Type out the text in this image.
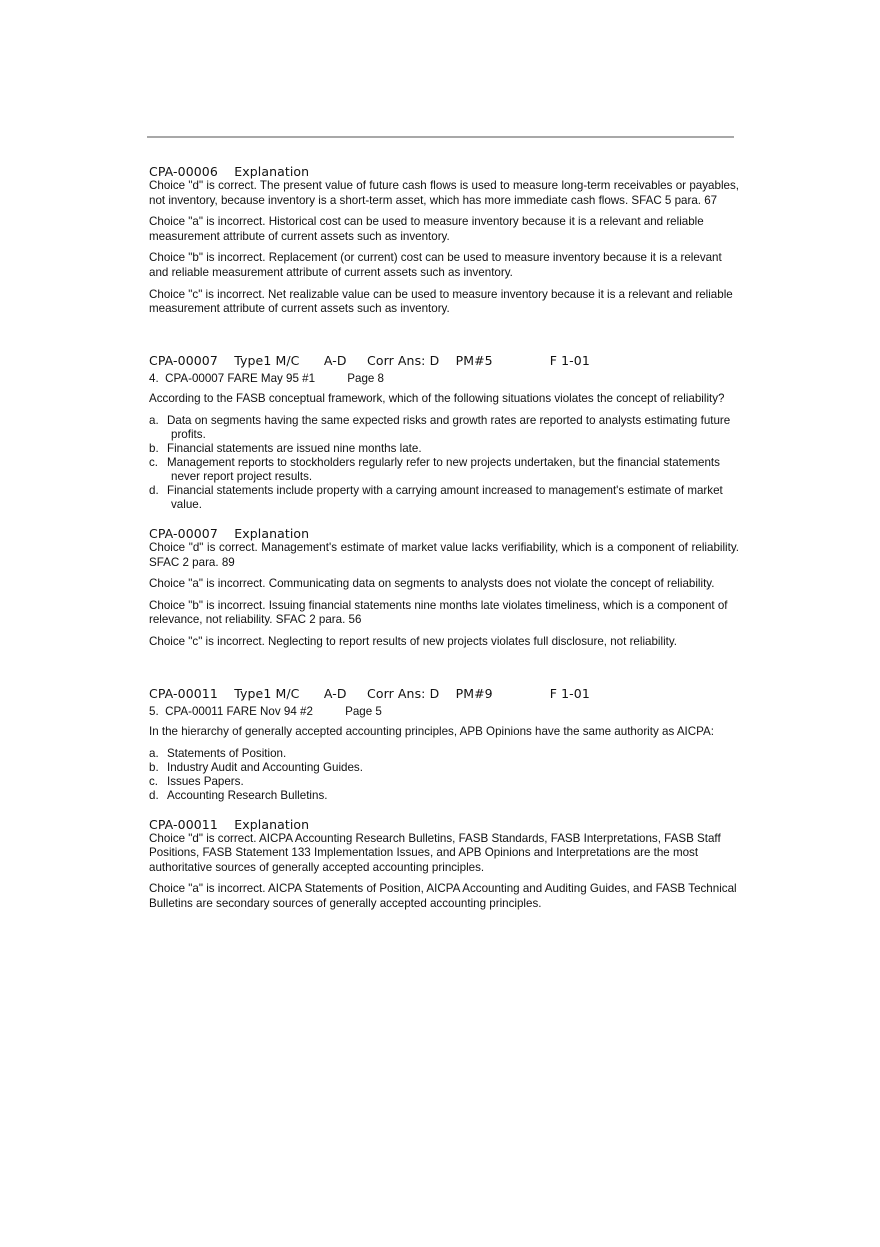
CPA-00006    Explanation

Choice "d" is correct. The present value of future cash flows is used to measure long-term receivables or payables, not inventory, because inventory is a short-term asset, which has more immediate cash flows. SFAC 5 para. 67

Choice "a" is incorrect. Historical cost can be used to measure inventory because it is a relevant and reliable measurement attribute of current assets such as inventory.

Choice "b" is incorrect. Replacement (or current) cost can be used to measure inventory because it is a relevant and reliable measurement attribute of current assets such as inventory.

Choice "c" is incorrect. Net realizable value can be used to measure inventory because it is a relevant and reliable measurement attribute of current assets such as inventory.

CPA-00007    Type1 M/C      A-D     Corr Ans: D    PM#5              F 1-01
4.  CPA-00007 FARE May 95 #1          Page 8

According to the FASB conceptual framework, which of the following situations violates the concept of reliability?

a. Data on segments having the same expected risks and growth rates are reported to analysts estimating future profits.
b. Financial statements are issued nine months late.
c. Management reports to stockholders regularly refer to new projects undertaken, but the financial statements never report project results.
d. Financial statements include property with a carrying amount increased to management's estimate of market value.
CPA-00007    Explanation

Choice "d" is correct. Management's estimate of market value lacks verifiability, which is a component of reliability. SFAC 2 para. 89

Choice "a" is incorrect. Communicating data on segments to analysts does not violate the concept of reliability.

Choice "b" is incorrect. Issuing financial statements nine months late violates timeliness, which is a component of relevance, not reliability. SFAC 2 para. 56

Choice "c" is incorrect. Neglecting to report results of new projects violates full disclosure, not reliability.

CPA-00011    Type1 M/C      A-D     Corr Ans: D    PM#9              F 1-01
5.  CPA-00011 FARE Nov 94 #2          Page 5

In the hierarchy of generally accepted accounting principles, APB Opinions have the same authority as AICPA:

a. Statements of Position.
b. Industry Audit and Accounting Guides.
c. Issues Papers.
d. Accounting Research Bulletins.
CPA-00011    Explanation

Choice "d" is correct. AICPA Accounting Research Bulletins, FASB Standards, FASB Interpretations, FASB Staff Positions, FASB Statement 133 Implementation Issues, and APB Opinions and Interpretations are the most authoritative sources of generally accepted accounting principles.

Choice "a" is incorrect. AICPA Statements of Position, AICPA Accounting and Auditing Guides, and FASB Technical Bulletins are secondary sources of generally accepted accounting principles.
